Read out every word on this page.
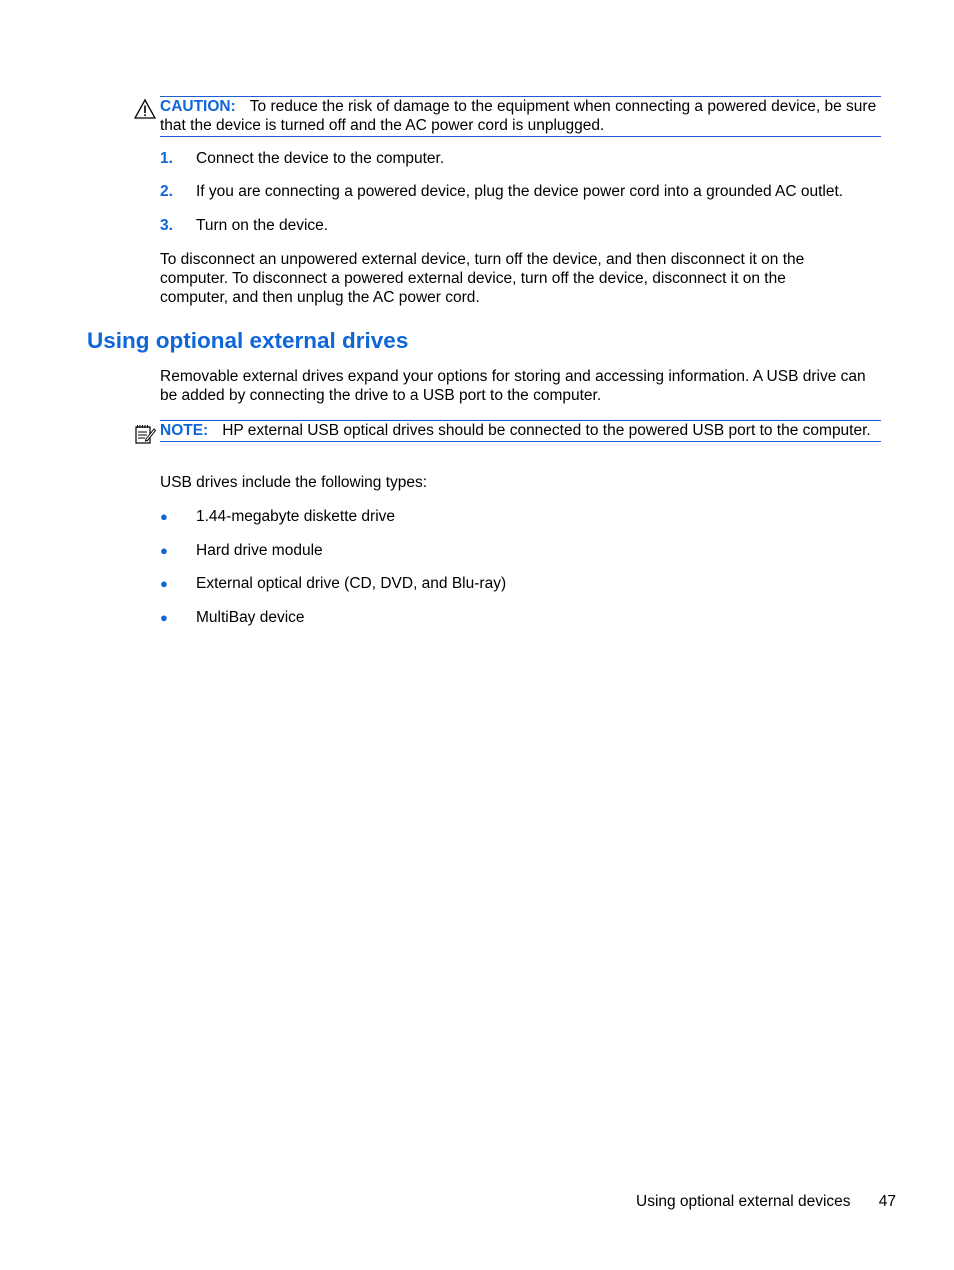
CAUTION: To reduce the risk of damage to the equipment when connecting a powered device, be sure that the device is turned off and the AC power cord is unplugged.
1. Connect the device to the computer.
2. If you are connecting a powered device, plug the device power cord into a grounded AC outlet.
3. Turn on the device.
To disconnect an unpowered external device, turn off the device, and then disconnect it on the computer. To disconnect a powered external device, turn off the device, disconnect it on the computer, and then unplug the AC power cord.
Using optional external drives
Removable external drives expand your options for storing and accessing information. A USB drive can be added by connecting the drive to a USB port to the computer.
NOTE: HP external USB optical drives should be connected to the powered USB port to the computer.
USB drives include the following types:
● 1.44-megabyte diskette drive
● Hard drive module
● External optical drive (CD, DVD, and Blu-ray)
● MultiBay device
Using optional external devices 47
